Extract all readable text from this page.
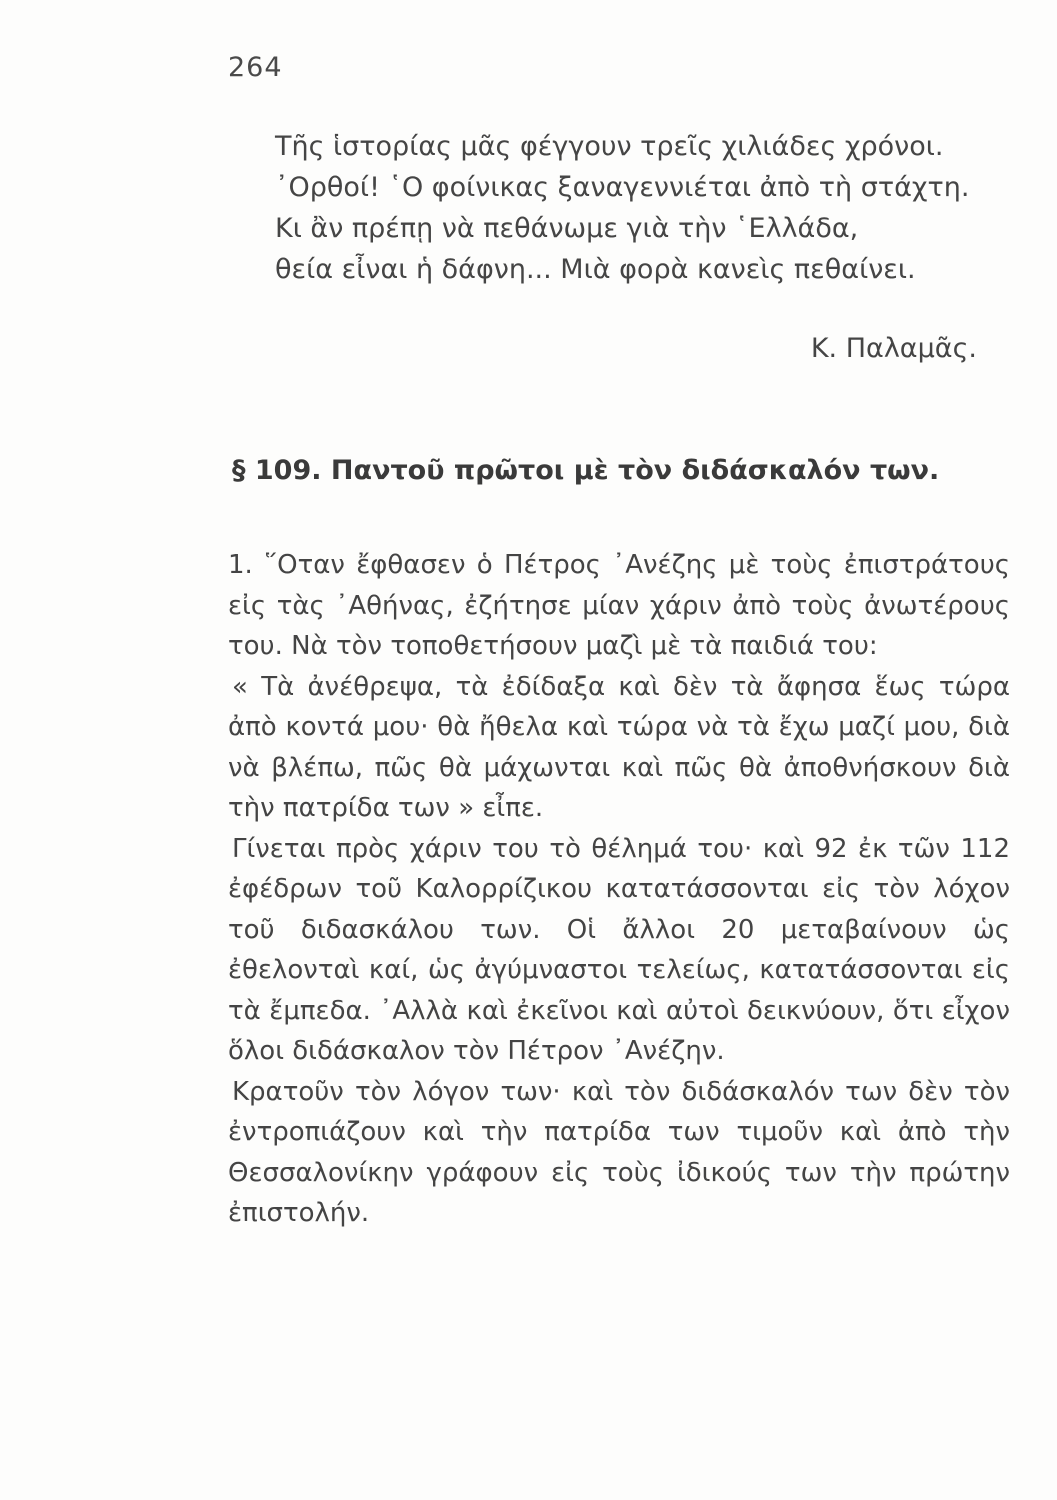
264
Τῆς ἱστορίας μᾶς φέγγουν τρεῖς χιλιάδες χρόνοι.
᾿Ορθοί! ῾Ο φοίνικας ξαναγεννιέται ἀπὸ τὴ στάχτη.
Κι ἂν πρέπῃ νὰ πεθάνωμε γιὰ τὴν ῾Ελλάδα,
θεία εἶναι ἡ δάφνη... Μιὰ φορὰ κανεὶς πεθαίνει.
Κ. Παλαμᾶς.
§ 109. Παντοῦ πρῶτοι μὲ τὸν διδάσκαλόν των.

1. ῞Οταν ἔφθασεν ὁ Πέτρος ᾿Ανέζης μὲ τοὺς ἐπιστράτους εἰς τὰς ᾿Αθήνας, ἐζήτησε μίαν χάριν ἀπὸ τοὺς ἀνωτέρους του. Νὰ τὸν τοποθετήσουν μαζὶ μὲ τὰ παιδιά του:

« Τὰ ἀνέθρεψα, τὰ ἐδίδαξα καὶ δὲν τὰ ἄφησα ἕως τώρα ἀπὸ κοντά μου· θὰ ἤθελα καὶ τώρα νὰ τὰ ἔχω μαζί μου, διὰ νὰ βλέπω, πῶς θὰ μάχωνται καὶ πῶς θὰ ἀποθνήσκουν διὰ τὴν πατρίδα των » εἶπε.

Γίνεται πρὸς χάριν του τὸ θέλημά του· καὶ 92 ἐκ τῶν 112 ἐφέδρων τοῦ Καλορρίζικου κατατάσσονται εἰς τὸν λόχον τοῦ διδασκάλου των. Οἱ ἄλλοι 20 μεταβαίνουν ὡς ἐθελονταὶ καί, ὡς ἀγύμναστοι τελείως, κατατάσσονται εἰς τὰ ἔμπεδα. ᾿Αλλὰ καὶ ἐκεῖνοι καὶ αὐτοὶ δεικνύουν, ὅτι εἶχον ὅλοι διδάσκαλον τὸν Πέτρον ᾿Ανέζην.

Κρατοῦν τὸν λόγον των· καὶ τὸν διδάσκαλόν των δὲν τὸν ἐντροπιάζουν καὶ τὴν πατρίδα των τιμοῦν καὶ ἀπὸ τὴν Θεσσαλονίκην γράφουν εἰς τοὺς ἰδικούς των τὴν πρώτην ἐπιστολήν.
